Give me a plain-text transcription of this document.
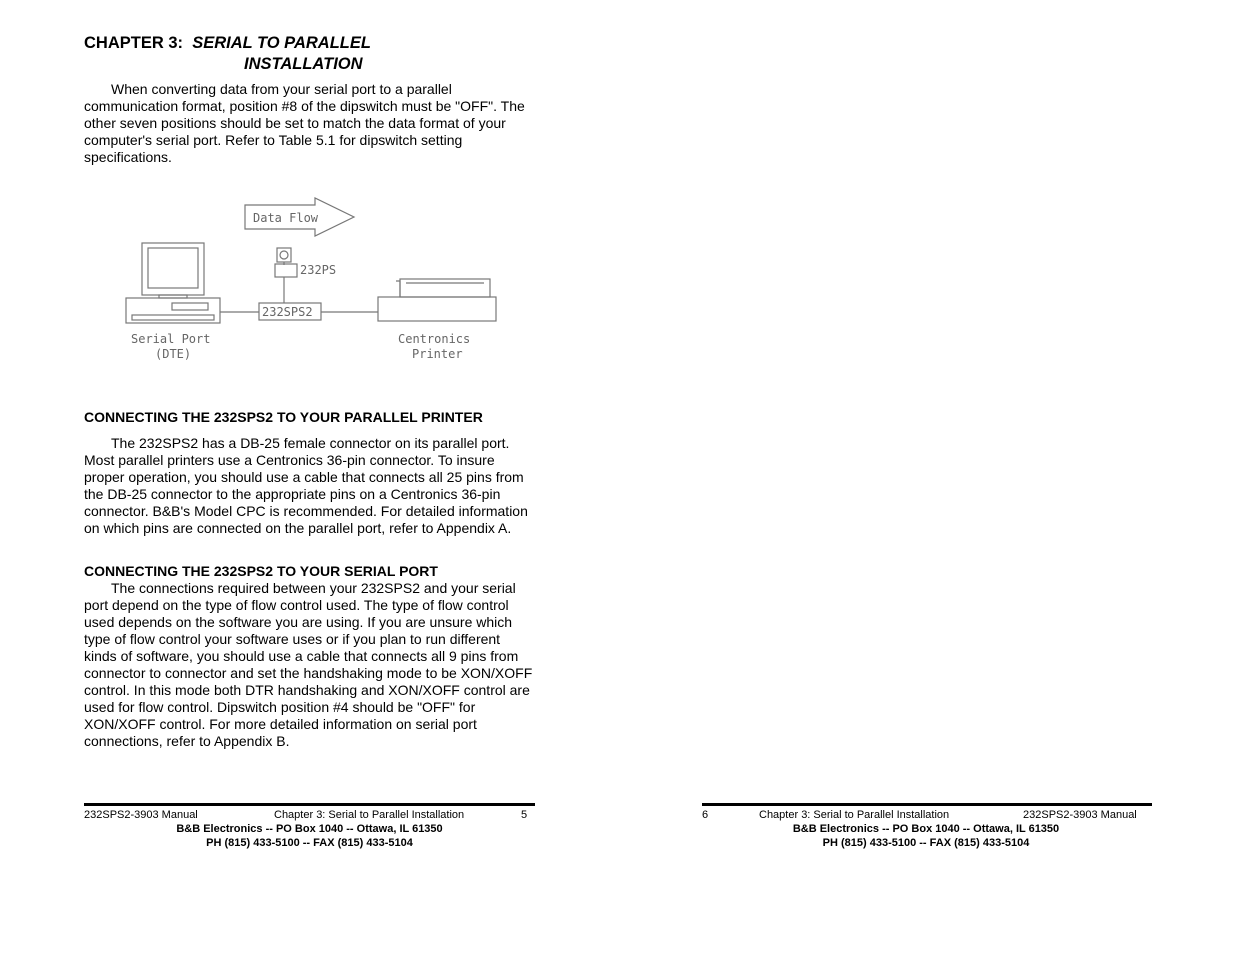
CHAPTER 3: SERIAL TO PARALLEL
INSTALLATION
When converting data from your serial port to a parallel communication format, position #8 of the dipswitch must be "OFF". The other seven positions should be set to match the data format of your computer's serial port. Refer to Table 5.1 for dipswitch setting specifications.
Data Flow
232PS
232SPS2
Serial Port
(DTE)
Centronics
Printer
CONNECTING THE 232SPS2 TO YOUR PARALLEL PRINTER
The 232SPS2 has a DB-25 female connector on its parallel port. Most parallel printers use a Centronics 36-pin connector. To insure proper operation, you should use a cable that connects all 25 pins from the DB-25 connector to the appropriate pins on a Centronics 36-pin connector. B&B's Model CPC is recommended. For detailed information on which pins are connected on the parallel port, refer to Appendix A.
CONNECTING THE 232SPS2 TO YOUR SERIAL PORT
The connections required between your 232SPS2 and your serial port depend on the type of flow control used. The type of flow control used depends on the software you are using. If you are unsure which type of flow control your software uses or if you plan to run different kinds of software, you should use a cable that connects all 9 pins from connector to connector and set the handshaking mode to be XON/XOFF control. In this mode both DTR handshaking and XON/XOFF control are used for flow control. Dipswitch position #4 should be "OFF" for XON/XOFF control. For more detailed information on serial port connections, refer to Appendix B.
232SPS2-3903 Manual	Chapter 3: Serial to Parallel Installation	5
B&B Electronics -- PO Box 1040 -- Ottawa, IL 61350
PH (815) 433-5100 -- FAX (815) 433-5104
6	Chapter 3: Serial to Parallel Installation	232SPS2-3903 Manual
B&B Electronics -- PO Box 1040 -- Ottawa, IL 61350
PH (815) 433-5100 -- FAX (815) 433-5104
